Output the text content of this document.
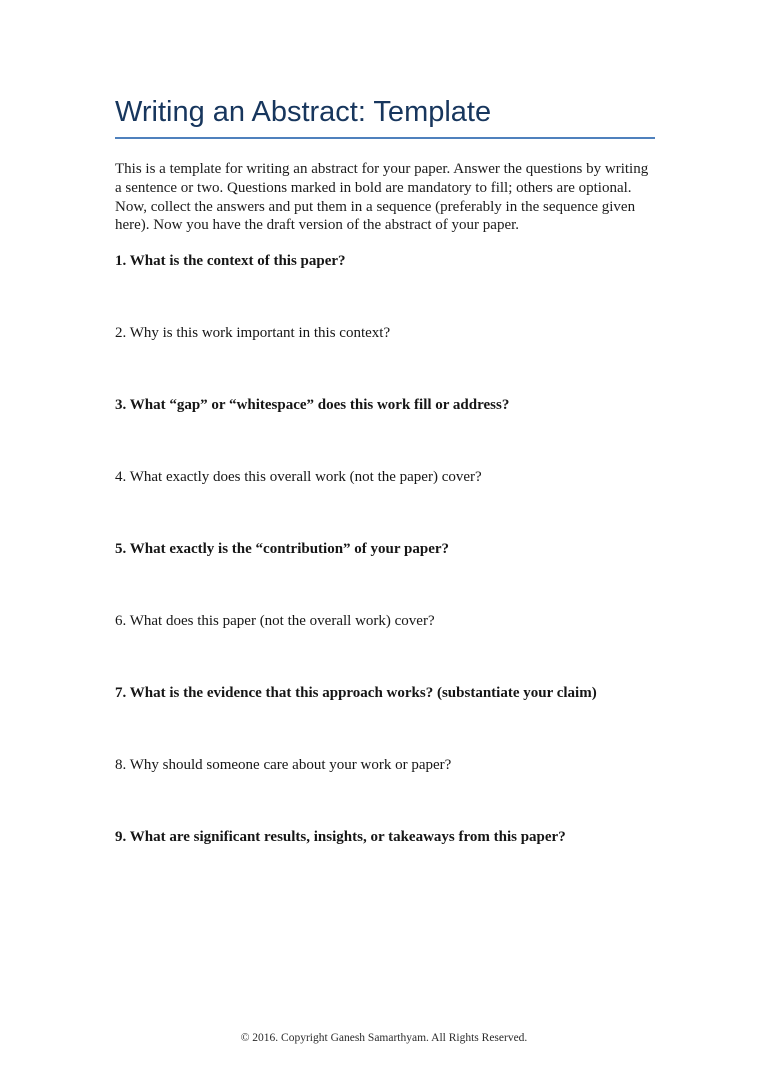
Writing an Abstract: Template

This is a template for writing an abstract for your paper. Answer the questions by writing a sentence or two. Questions marked in bold are mandatory to fill; others are optional. Now, collect the answers and put them in a sequence (preferably in the sequence given here). Now you have the draft version of the abstract of your paper.

1. What is the context of this paper?
2. Why is this work important in this context?
3. What “gap” or “whitespace” does this work fill or address?
4. What exactly does this overall work (not the paper) cover?
5. What exactly is the “contribution” of your paper?
6. What does this paper (not the overall work) cover?
7. What is the evidence that this approach works? (substantiate your claim)
8. Why should someone care about your work or paper?
9. What are significant results, insights, or takeaways from this paper?
© 2016. Copyright Ganesh Samarthyam. All Rights Reserved.
